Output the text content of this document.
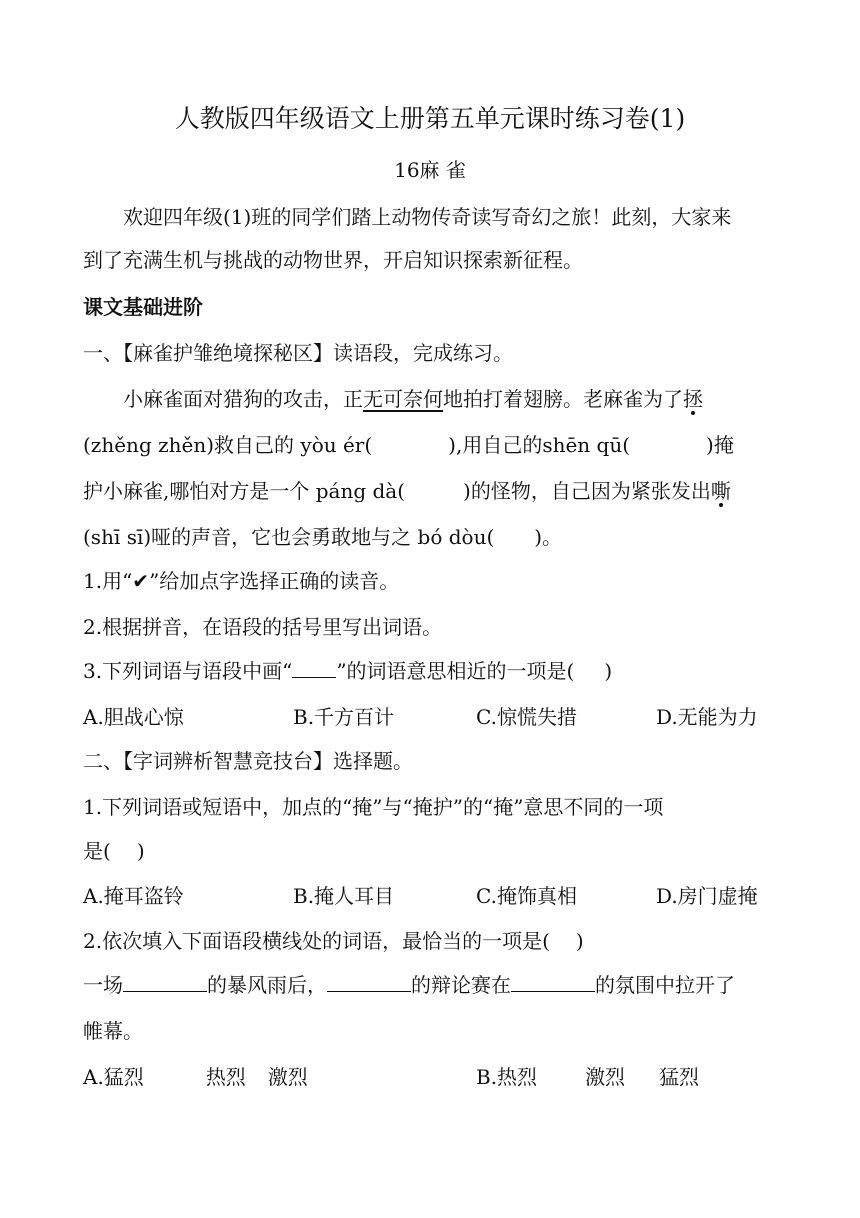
人教版四年级语文上册第五单元课时练习卷(1)
16麻 雀
欢迎四年级(1)班的同学们踏上动物传奇读写奇幻之旅！此刻，大家来
到了充满生机与挑战的动物世界，开启知识探索新征程。
课文基础进阶
一、【麻雀护雏绝境探秘区】读语段，完成练习。
小麻雀面对猎狗的攻击，正无可奈何地拍打着翅膀。老麻雀为了拯
(zhěng zhěn)救自己的 yòu ér(	),用自己的shēn qū(	)掩
护小麻雀,哪怕对方是一个 páng dà(	)的怪物，自己因为紧张发出嘶
(shī sī)哑的声音，它也会勇敢地与之 bó dòu( )。
1.用“✔”给加点字选择正确的读音。
2.根据拼音，在语段的括号里写出词语。
3.下列词语与语段中画“ ”的词语意思相近的一项是( )
A.胆战心惊	B.千方百计	C.惊慌失措	D.无能为力
二、【字词辨析智慧竞技台】选择题。
1.下列词语或短语中，加点的“掩”与“掩护”的“掩”意思不同的一项
是( )
A.掩耳盗铃	B.掩人耳目	C.掩饰真相	D.房门虚掩
2.依次填入下面语段横线处的词语，最恰当的一项是( )
一场	的暴风雨后，	的辩论赛在	的氛围中拉开了
帷幕。
A.猛烈	热烈 激烈	B.热烈 激烈 猛烈
